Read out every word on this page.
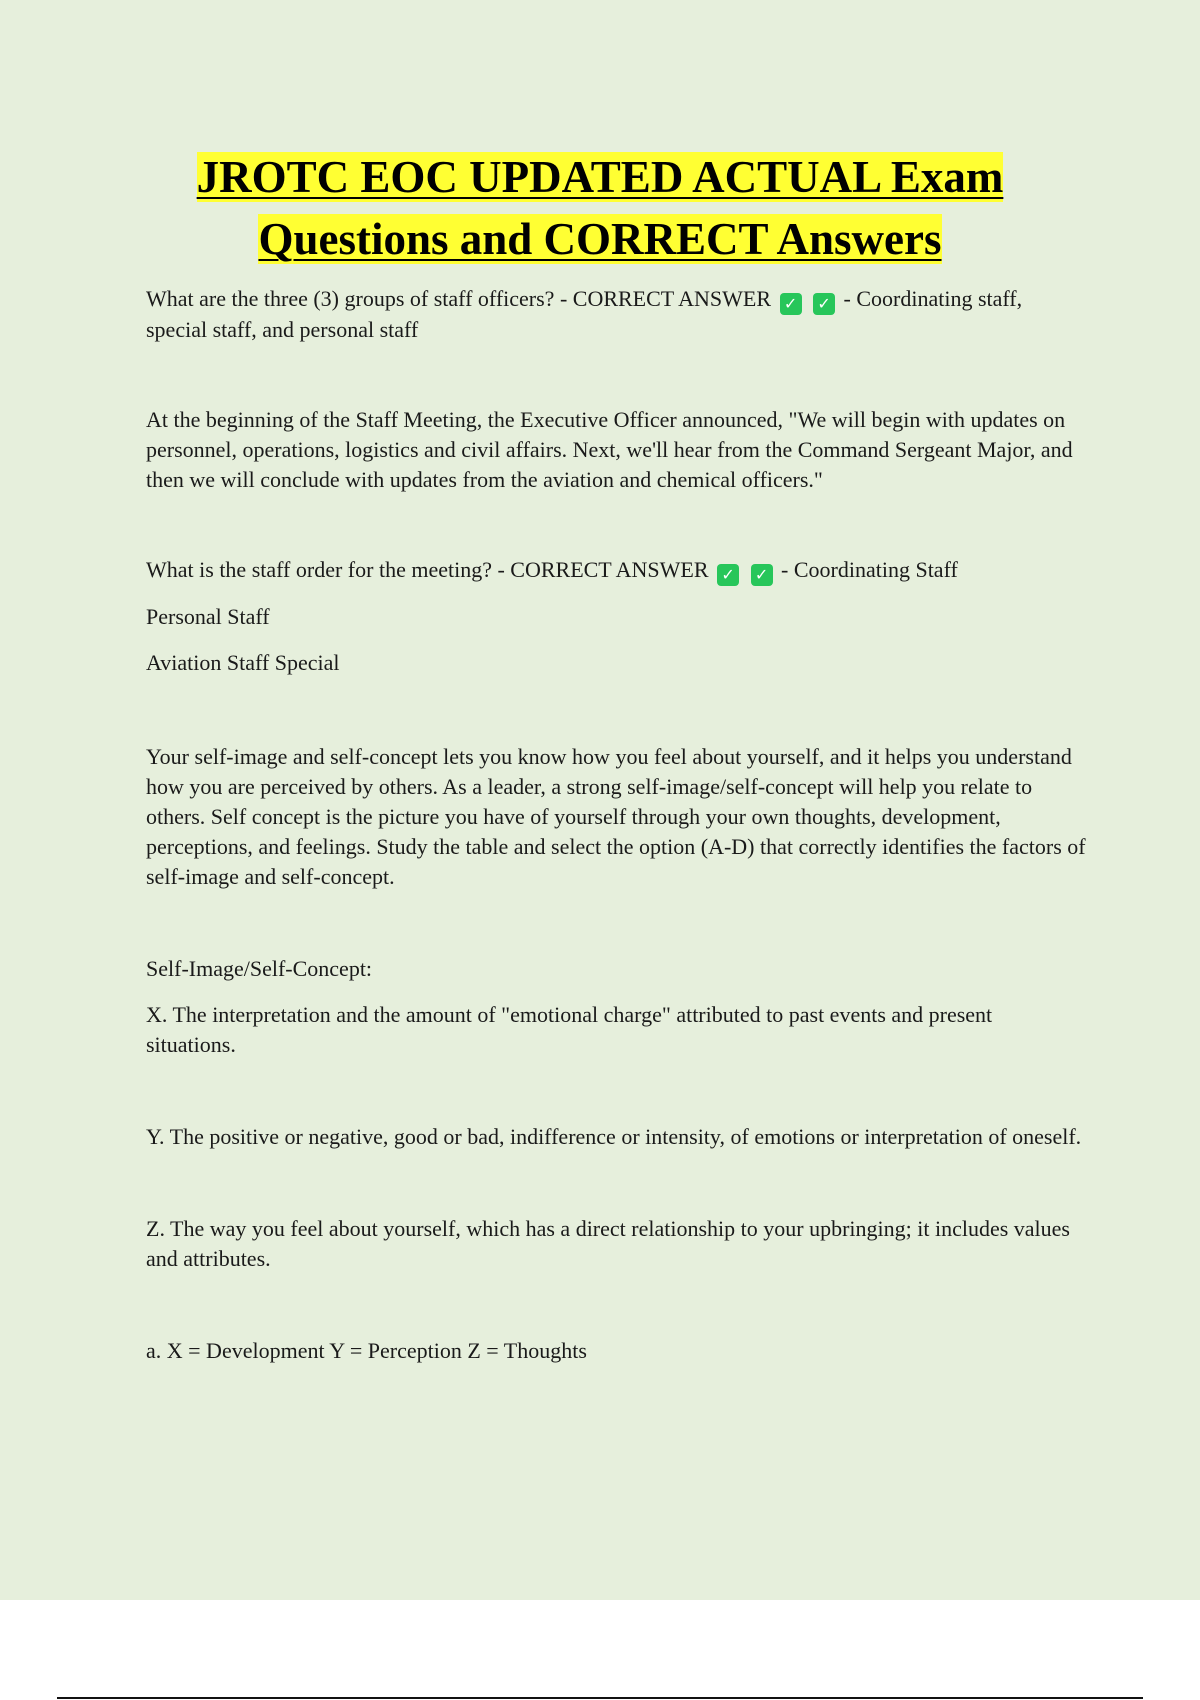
JROTC EOC UPDATED ACTUAL Exam
Questions and CORRECT Answers

What are the three (3) groups of staff officers? - CORRECT ANSWER ✓ ✓ - Coordinating staff, special staff, and personal staff

At the beginning of the Staff Meeting, the Executive Officer announced, "We will begin with updates on personnel, operations, logistics and civil affairs. Next, we'll hear from the Command Sergeant Major, and then we will conclude with updates from the aviation and chemical officers."

What is the staff order for the meeting? - CORRECT ANSWER ✓ ✓ - Coordinating Staff

Personal Staff

Aviation Staff Special

Your self-image and self-concept lets you know how you feel about yourself, and it helps you understand how you are perceived by others. As a leader, a strong self-image/self-concept will help you relate to others. Self concept is the picture you have of yourself through your own thoughts, development, perceptions, and feelings. Study the table and select the option (A-D) that correctly identifies the factors of self-image and self-concept.

Self-Image/Self-Concept:

X. The interpretation and the amount of "emotional charge" attributed to past events and present situations.

Y. The positive or negative, good or bad, indifference or intensity, of emotions or interpretation of oneself.

Z. The way you feel about yourself, which has a direct relationship to your upbringing; it includes values and attributes.

a. X = Development Y = Perception Z = Thoughts
